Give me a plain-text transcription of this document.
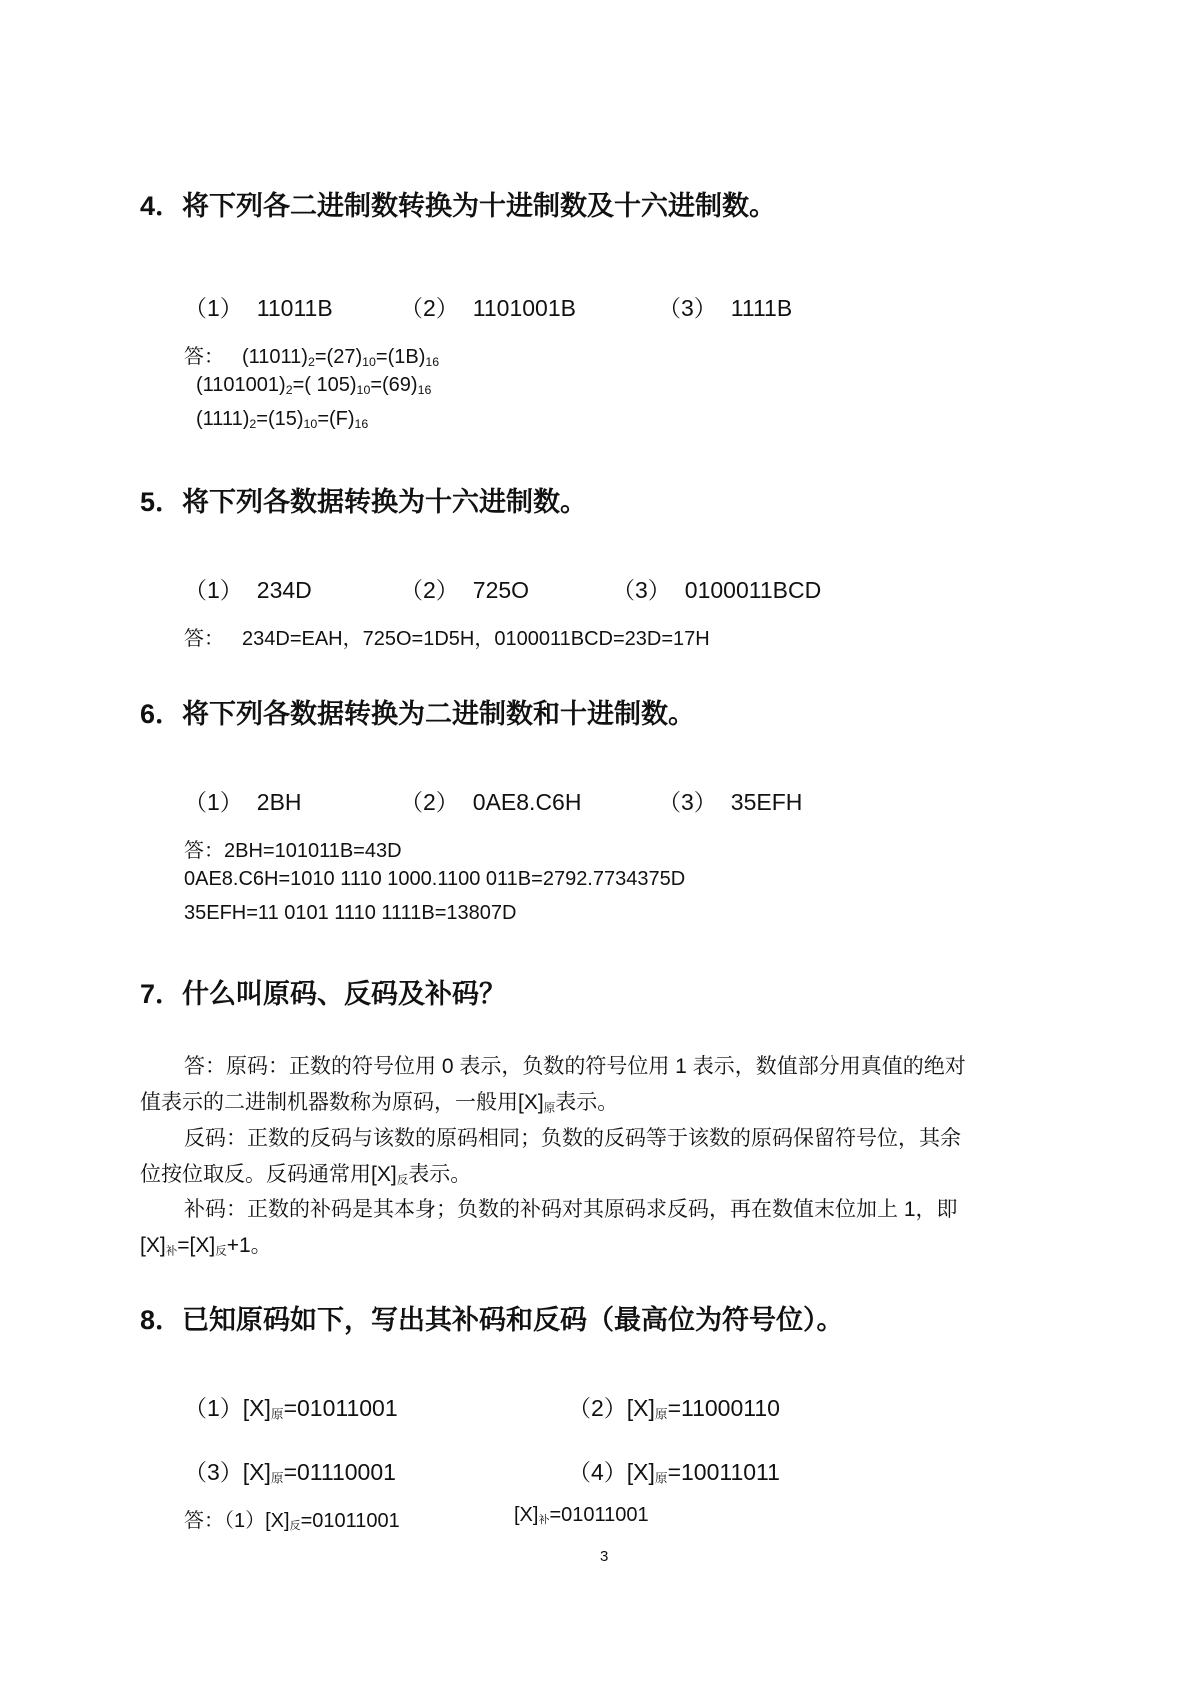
4．将下列各二进制数转换为十进制数及十六进制数。
（1） 11011B	（2） 1101001B	（3） 1111B
答： $(11011)_2=(27)_{10}=(1B)_{16}$
$(1101001)_2=$( $105)_{10}=(69)_{16}$
$(1111)_2=(15)_{10}=(F)_{16}$
5．将下列各数据转换为十六进制数。
（1） 234D	（2） 725O	（3） 0100011BCD
答： 234D=EAH，725O=1D5H，0100011BCD=23D=17H
6．将下列各数据转换为二进制数和十进制数。
（1） 2BH	（2） 0AE8.C6H	（3） 35EFH
答：2BH=101011B=43D
0AE8.C6H=1010 1110 1000.1100 011B=2792.7734375D
35EFH=11 0101 1110 1111B=13807D
7．什么叫原码、反码及补码？
答：原码：正数的符号位用 0 表示，负数的符号位用 1 表示，数值部分用真值的绝对
值表示的二进制机器数称为原码，一般用$[X]_原$表示。
反码：正数的反码与该数的原码相同；负数的反码等于该数的原码保留符号位，其余
位按位取反。反码通常用$[X]_反$表示。
补码：正数的补码是其本身；负数的补码对其原码求反码，再在数值末位加上 1，即
$[X]_补=[X]_反+1$。
8．已知原码如下，写出其补码和反码（最高位为符号位）。
$(1)[X]_原=01011001$	$(2)[X]_原=11000110$
$(3)[X]_原=01110001$	$(4)[X]_原=10011011$
答：$(1)[X]_反=01011001$	$[X]_补=01011001$
3
